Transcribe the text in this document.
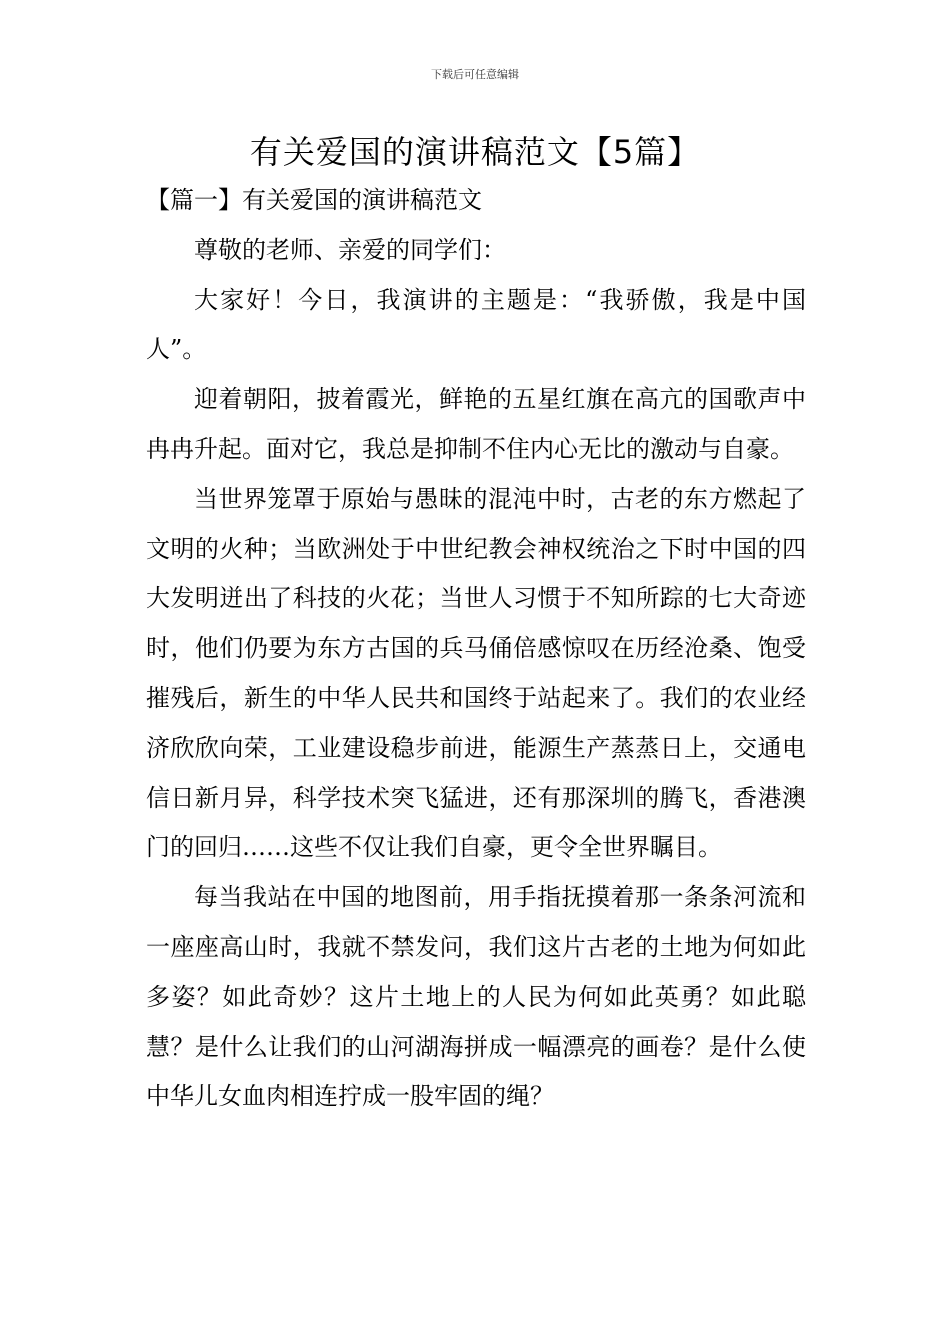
下载后可任意编辑
有关爱国的演讲稿范文【5篇】

【篇一】有关爱国的演讲稿范文

尊敬的老师、亲爱的同学们：

大家好！今日，我演讲的主题是：“我骄傲，我是中国人”。

迎着朝阳，披着霞光，鲜艳的五星红旗在高亢的国歌声中冉冉升起。面对它，我总是抑制不住内心无比的激动与自豪。

当世界笼罩于原始与愚昧的混沌中时，古老的东方燃起了文明的火种；当欧洲处于中世纪教会神权统治之下时中国的四大发明迸出了科技的火花；当世人习惯于不知所踪的七大奇迹时，他们仍要为东方古国的兵马俑倍感惊叹在历经沧桑、饱受摧残后，新生的中华人民共和国终于站起来了。我们的农业经济欣欣向荣，工业建设稳步前进，能源生产蒸蒸日上，交通电信日新月异，科学技术突飞猛进，还有那深圳的腾飞，香港澳门的回归……这些不仅让我们自豪，更令全世界瞩目。

每当我站在中国的地图前，用手指抚摸着那一条条河流和一座座高山时，我就不禁发问，我们这片古老的土地为何如此多姿？如此奇妙？这片土地上的人民为何如此英勇？如此聪慧？是什么让我们的山河湖海拼成一幅漂亮的画卷？是什么使中华儿女血肉相连拧成一股牢固的绳？
